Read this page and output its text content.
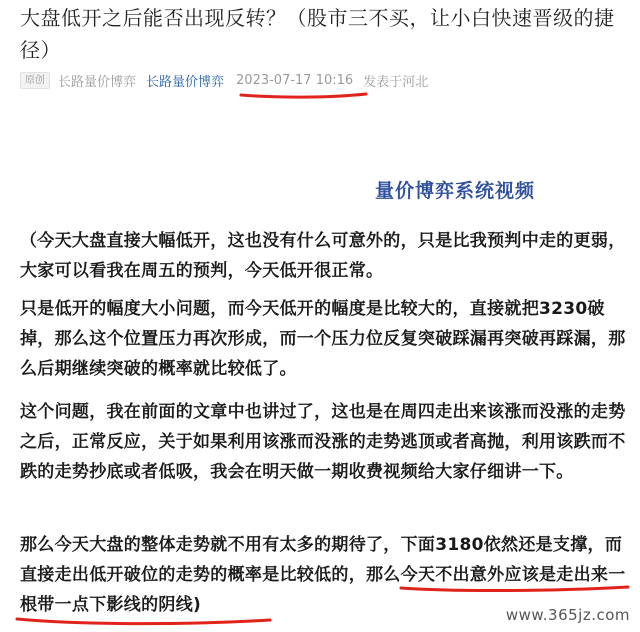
大盘低开之后能否出现反转？（股市三不买，让小白快速晋级的捷径）
原创	长路量价博弈 长路量价博弈 2023-07-17 10:16 发表于河北
量价博弈系统视频
（今天大盘直接大幅低开，这也没有什么可意外的，只是比我预判中走的更弱，大家可以看我在周五的预判，今天低开很正常。
只是低开的幅度大小问题，而今天低开的幅度是比较大的，直接就把3230破掉，那么这个位置压力再次形成，而一个压力位反复突破踩漏再突破再踩漏，那么后期继续突破的概率就比较低了。
这个问题，我在前面的文章中也讲过了，这也是在周四走出来该涨而没涨的走势之后，正常反应，关于如果利用该涨而没涨的走势逃顶或者高抛，利用该跌而不跌的走势抄底或者低吸，我会在明天做一期收费视频给大家仔细讲一下。
那么今天大盘的整体走势就不用有太多的期待了，下面3180依然还是支撑，而直接走出低开破位的走势的概率是比较低的，那么今天不出意外应该是走出来一根带一点下影线的阴线)	www.365jz.com
